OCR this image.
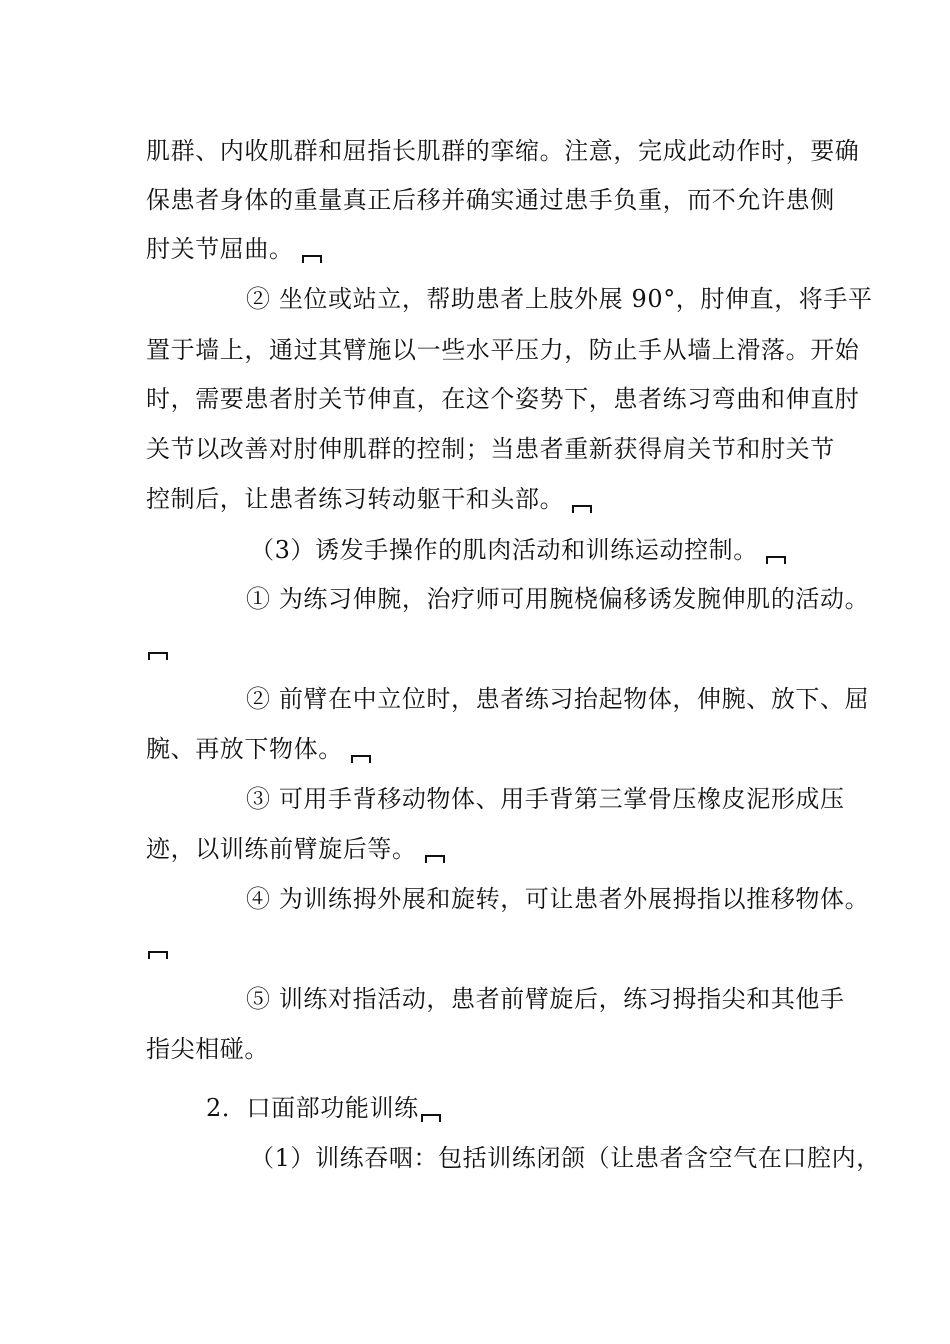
肌群、内收肌群和屈指长肌群的挛缩。注意，完成此动作时，要确
保患者身体的重量真正后移并确实通过患手负重，而不允许患侧
肘关节屈曲。
② 坐位或站立，帮助患者上肢外展 90°，肘伸直，将手平
置于墙上，通过其臂施以一些水平压力，防止手从墙上滑落。开始
时，需要患者肘关节伸直，在这个姿势下，患者练习弯曲和伸直肘
关节以改善对肘伸肌群的控制；当患者重新获得肩关节和肘关节
控制后，让患者练习转动躯干和头部。
（3）诱发手操作的肌肉活动和训练运动控制。
① 为练习伸腕，治疗师可用腕桡偏移诱发腕伸肌的活动。
② 前臂在中立位时，患者练习抬起物体，伸腕、放下、屈
腕、再放下物体。
③ 可用手背移动物体、用手背第三掌骨压橡皮泥形成压
迹，以训练前臂旋后等。
④ 为训练拇外展和旋转，可让患者外展拇指以推移物体。
⑤ 训练对指活动，患者前臂旋后，练习拇指尖和其他手
指尖相碰。
2．口面部功能训练
（1）训练吞咽：包括训练闭颌（让患者含空气在口腔内，
